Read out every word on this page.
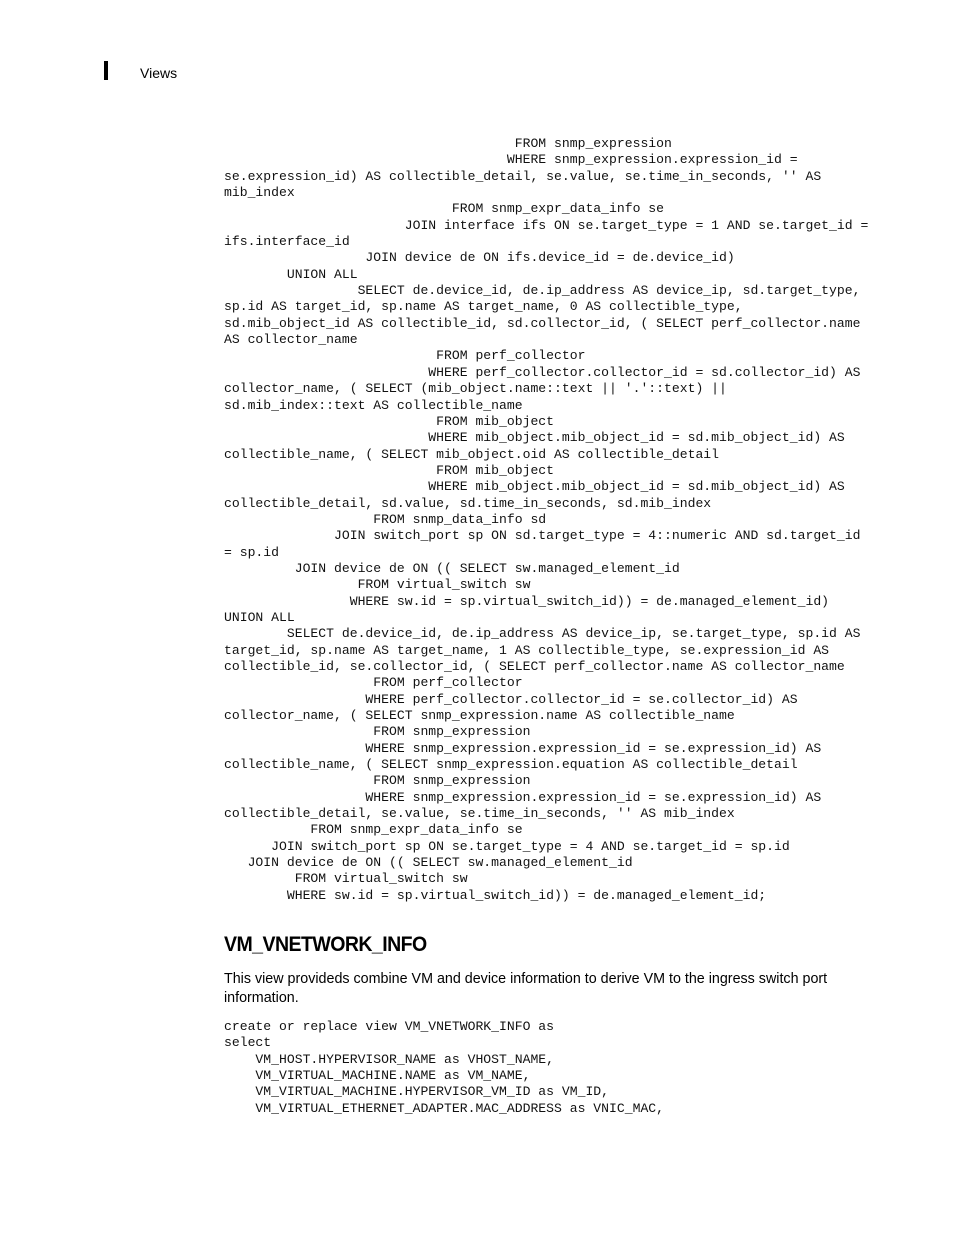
Views
FROM snmp_expression
WHERE snmp_expression.expression_id =
se.expression_id) AS collectible_detail, se.value, se.time_in_seconds, '' AS
mib_index
FROM snmp_expr_data_info se
JOIN interface ifs ON se.target_type = 1 AND se.target_id =
ifs.interface_id
JOIN device de ON ifs.device_id = de.device_id)
UNION ALL
SELECT de.device_id, de.ip_address AS device_ip, sd.target_type,
sp.id AS target_id, sp.name AS target_name, 0 AS collectible_type,
sd.mib_object_id AS collectible_id, sd.collector_id, ( SELECT perf_collector.name
AS collector_name
FROM perf_collector
WHERE perf_collector.collector_id = sd.collector_id) AS
collector_name, ( SELECT (mib_object.name::text || '.'::text) ||
sd.mib_index::text AS collectible_name
FROM mib_object
WHERE mib_object.mib_object_id = sd.mib_object_id) AS
collectible_name, ( SELECT mib_object.oid AS collectible_detail
FROM mib_object
WHERE mib_object.mib_object_id = sd.mib_object_id) AS
collectible_detail, sd.value, sd.time_in_seconds, sd.mib_index
FROM snmp_data_info sd
JOIN switch_port sp ON sd.target_type = 4::numeric AND sd.target_id
= sp.id
JOIN device de ON (( SELECT sw.managed_element_id
FROM virtual_switch sw
WHERE sw.id = sp.virtual_switch_id)) = de.managed_element_id)
UNION ALL
SELECT de.device_id, de.ip_address AS device_ip, se.target_type, sp.id AS
target_id, sp.name AS target_name, 1 AS collectible_type, se.expression_id AS
collectible_id, se.collector_id, ( SELECT perf_collector.name AS collector_name
FROM perf_collector
WHERE perf_collector.collector_id = se.collector_id) AS
collector_name, ( SELECT snmp_expression.name AS collectible_name
FROM snmp_expression
WHERE snmp_expression.expression_id = se.expression_id) AS
collectible_name, ( SELECT snmp_expression.equation AS collectible_detail
FROM snmp_expression
WHERE snmp_expression.expression_id = se.expression_id) AS
collectible_detail, se.value, se.time_in_seconds, '' AS mib_index
FROM snmp_expr_data_info se
JOIN switch_port sp ON se.target_type = 4 AND se.target_id = sp.id
JOIN device de ON (( SELECT sw.managed_element_id
FROM virtual_switch sw
WHERE sw.id = sp.virtual_switch_id)) = de.managed_element_id;
VM_VNETWORK_INFO

This view provideds combine VM and device information to derive VM to the ingress switch port information.

create or replace view VM_VNETWORK_INFO as
select
VM_HOST.HYPERVISOR_NAME as VHOST_NAME,
VM_VIRTUAL_MACHINE.NAME as VM_NAME,
VM_VIRTUAL_MACHINE.HYPERVISOR_VM_ID as VM_ID,
VM_VIRTUAL_ETHERNET_ADAPTER.MAC_ADDRESS as VNIC_MAC,
